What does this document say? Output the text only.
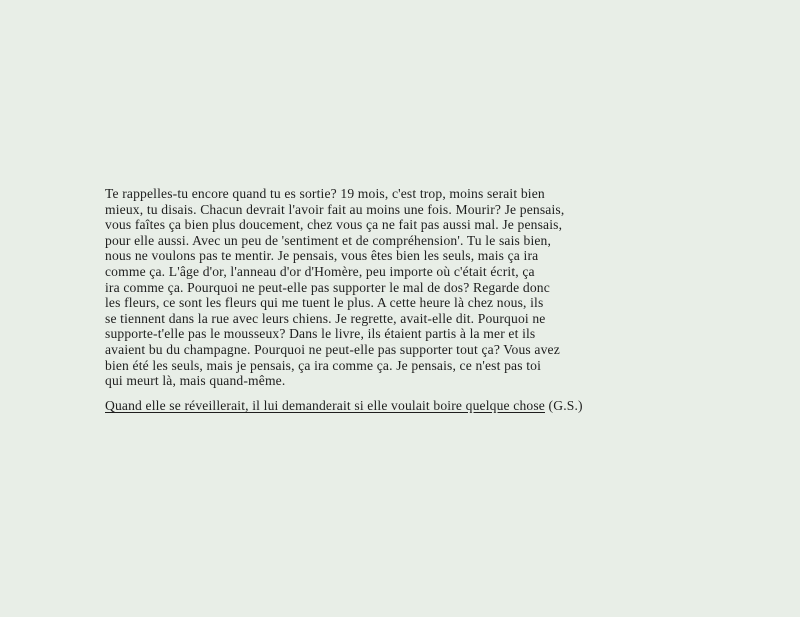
Te rappelles-tu encore quand tu es sortie? 19 mois, c'est trop, moins serait bien
mieux, tu disais. Chacun devrait l'avoir fait au moins une fois. Mourir? Je pensais,
vous faîtes ça bien plus doucement, chez vous ça ne fait pas aussi mal. Je pensais,
pour elle aussi. Avec un peu de 'sentiment et de compréhension'. Tu le sais bien,
nous ne voulons pas te mentir. Je pensais, vous êtes bien les seuls, mais ça ira
comme ça. L'âge d'or, l'anneau d'or d'Homère, peu importe où c'était écrit, ça
ira comme ça. Pourquoi ne peut-elle pas supporter le mal de dos? Regarde donc
les fleurs, ce sont les fleurs qui me tuent le plus. A cette heure là chez nous, ils
se tiennent dans la rue avec leurs chiens. Je regrette, avait-elle dit. Pourquoi ne
supporte-t'elle pas le mousseux? Dans le livre, ils étaient partis à la mer et ils
avaient bu du champagne. Pourquoi ne peut-elle pas supporter tout ça? Vous avez
bien été les seuls, mais je pensais, ça ira comme ça. Je pensais, ce n'est pas toi
qui meurt là, mais quand-même.
Quand elle se réveillerait, il lui demanderait si elle voulait boire quelque chose (G.S.)
